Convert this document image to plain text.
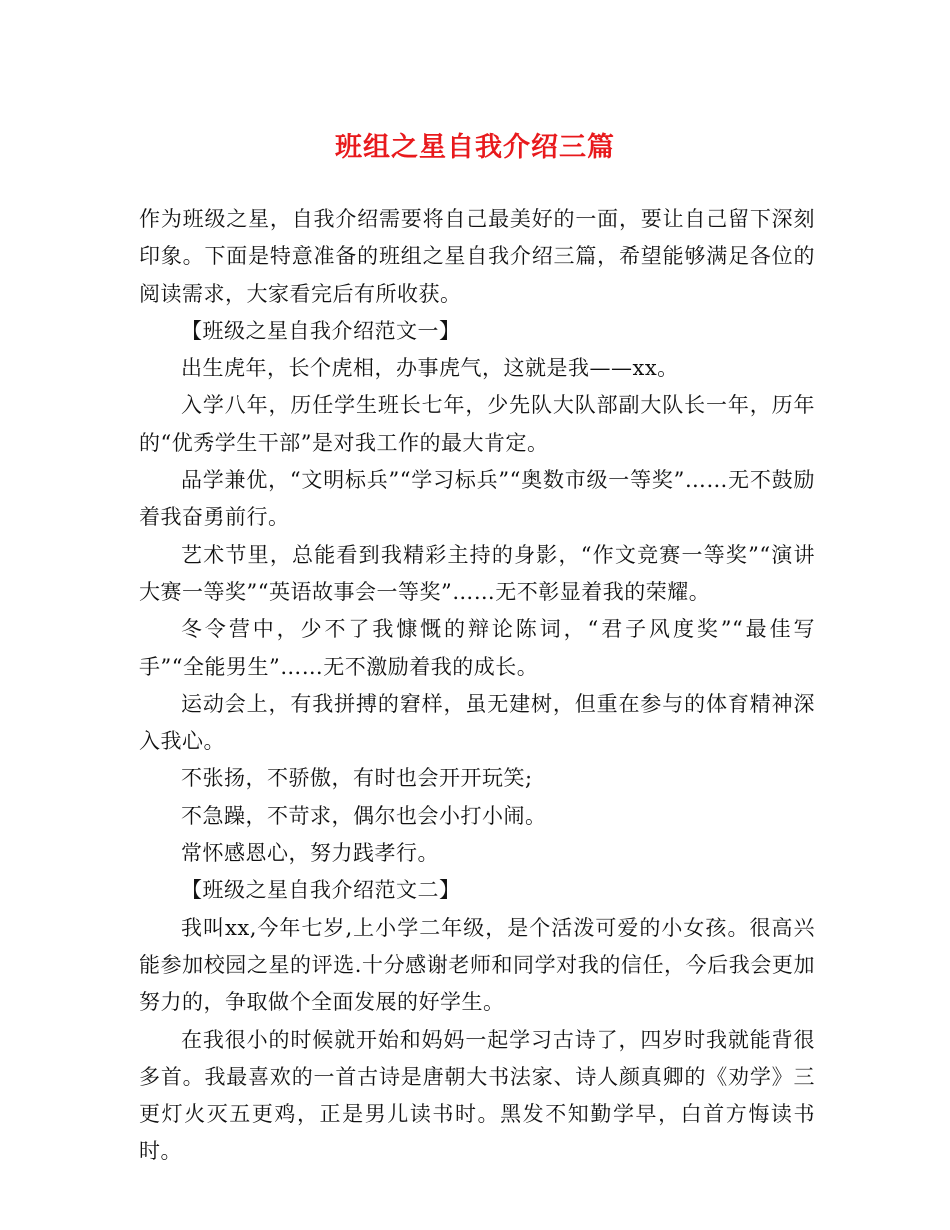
班组之星自我介绍三篇

作为班级之星，自我介绍需要将自己最美好的一面，要让自己留下深刻印象。下面是特意准备的班组之星自我介绍三篇，希望能够满足各位的阅读需求，大家看完后有所收获。

【班级之星自我介绍范文一】

出生虎年，长个虎相，办事虎气，这就是我——xx。

入学八年，历任学生班长七年，少先队大队部副大队长一年，历年的“优秀学生干部”是对我工作的最大肯定。

品学兼优，“文明标兵”“学习标兵”“奥数市级一等奖”……无不鼓励着我奋勇前行。

艺术节里，总能看到我精彩主持的身影，“作文竞赛一等奖”“演讲大赛一等奖”“英语故事会一等奖”……无不彰显着我的荣耀。

冬令营中，少不了我慷慨的辩论陈词，“君子风度奖”“最佳写手”“全能男生”……无不激励着我的成长。

运动会上，有我拼搏的窘样，虽无建树，但重在参与的体育精神深入我心。

不张扬，不骄傲，有时也会开开玩笑;

不急躁，不苛求，偶尔也会小打小闹。

常怀感恩心，努力践孝行。

【班级之星自我介绍范文二】

我叫xx,今年七岁,上小学二年级，是个活泼可爱的小女孩。很高兴能参加校园之星的评选.十分感谢老师和同学对我的信任，今后我会更加努力的，争取做个全面发展的好学生。

在我很小的时候就开始和妈妈一起学习古诗了，四岁时我就能背很多首。我最喜欢的一首古诗是唐朝大书法家、诗人颜真卿的《劝学》三更灯火灭五更鸡，正是男儿读书时。黑发不知勤学早，白首方悔读书时。
